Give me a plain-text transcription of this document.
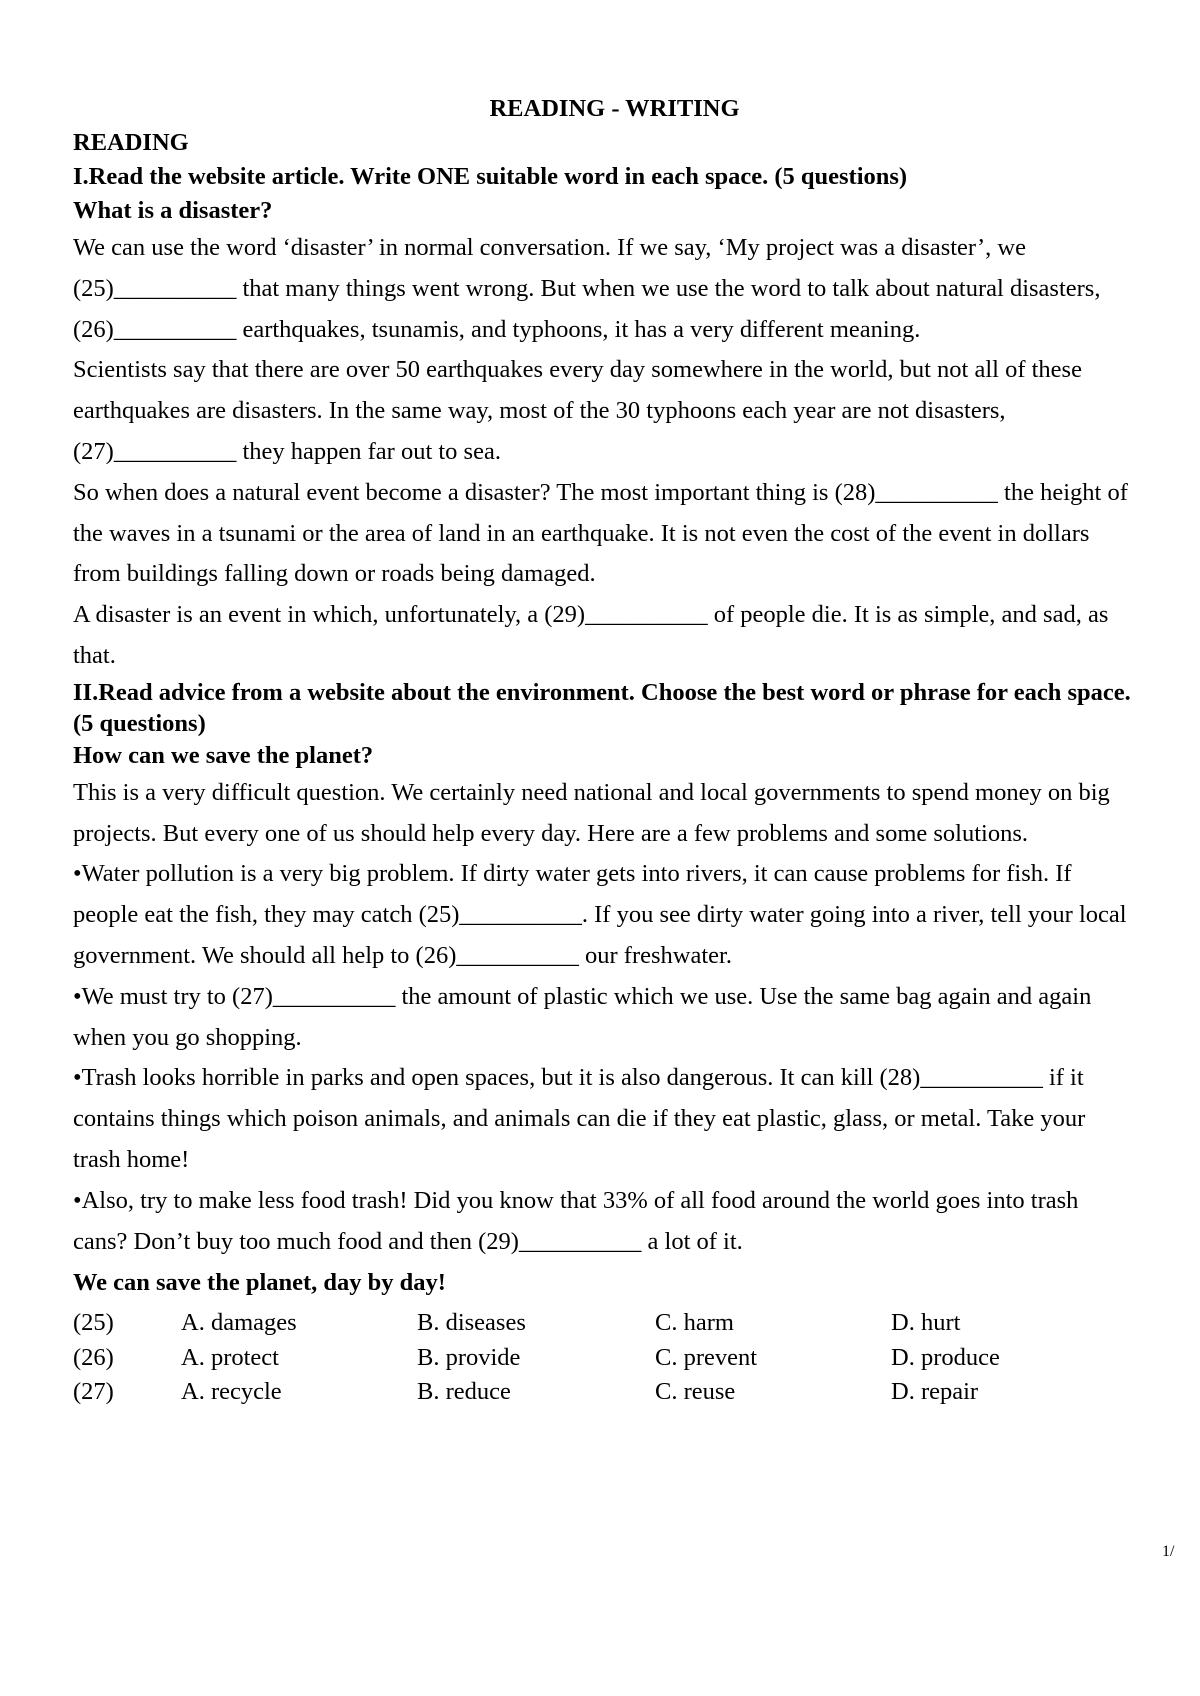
READING - WRITING

READING

I.Read the website article. Write ONE suitable word in each space. (5 questions)

What is a disaster?

We can use the word ‘disaster’ in normal conversation. If we say, ‘My project was a disaster’, we (25)__________ that many things went wrong. But when we use the word to talk about natural disasters, (26)__________ earthquakes, tsunamis, and typhoons, it has a very different meaning.

Scientists say that there are over 50 earthquakes every day somewhere in the world, but not all of these earthquakes are disasters. In the same way, most of the 30 typhoons each year are not disasters, (27)__________ they happen far out to sea.

So when does a natural event become a disaster? The most important thing is (28)__________ the height of the waves in a tsunami or the area of land in an earthquake. It is not even the cost of the event in dollars from buildings falling down or roads being damaged.

A disaster is an event in which, unfortunately, a (29)__________ of people die. It is as simple, and sad, as that.

II.Read advice from a website about the environment. Choose the best word or phrase for each space. (5 questions)

How can we save the planet?

This is a very difficult question. We certainly need national and local governments to spend money on big projects. But every one of us should help every day. Here are a few problems and some solutions.

•Water pollution is a very big problem. If dirty water gets into rivers, it can cause problems for fish. If people eat the fish, they may catch (25)__________. If you see dirty water going into a river, tell your local government. We should all help to (26)__________ our freshwater.

•We must try to (27)__________ the amount of plastic which we use. Use the same bag again and again when you go shopping.

•Trash looks horrible in parks and open spaces, but it is also dangerous. It can kill (28)__________ if it contains things which poison animals, and animals can die if they eat plastic, glass, or metal. Take your trash home!

•Also, try to make less food trash! Did you know that 33% of all food around the world goes into trash cans? Don’t buy too much food and then (29)__________ a lot of it.

We can save the planet, day by day!

(25)	A. damages	B. diseases	C. harm	D. hurt
(26)	A. protect	B. provide	C. prevent	D. produce
(27)	A. recycle	B. reduce	C. reuse	D. repair
1/
